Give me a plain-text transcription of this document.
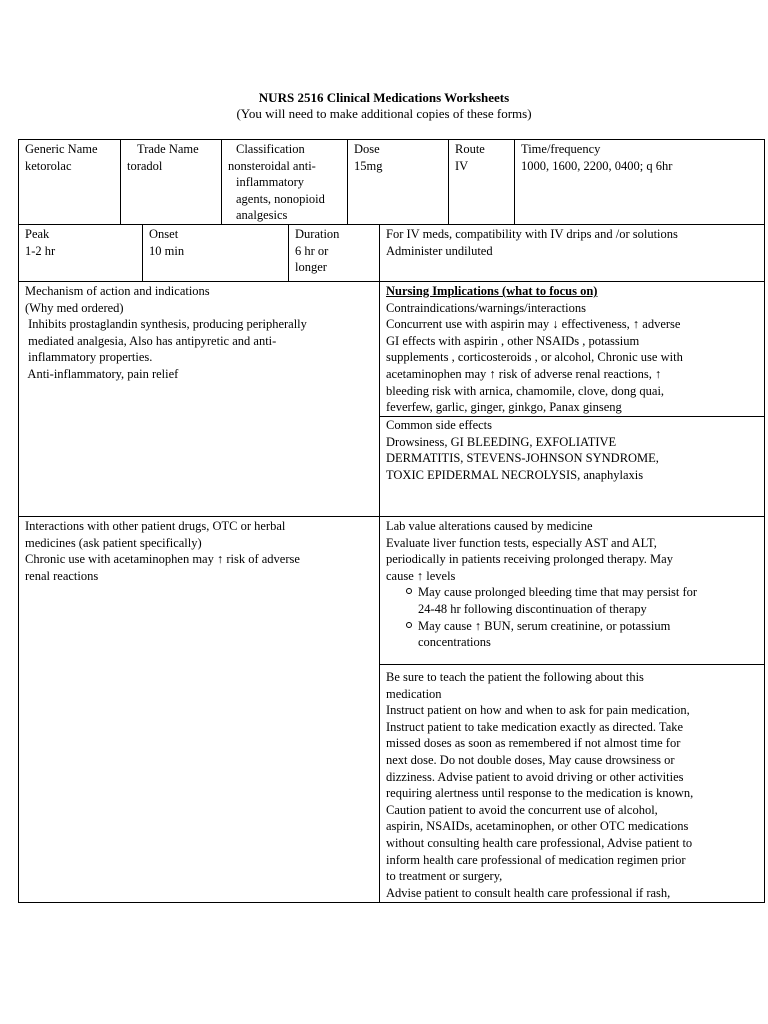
NURS 2516 Clinical Medications Worksheets
(You will need to make additional copies of these forms)
Generic Name
ketorolac
Trade Name
toradol
Classification
nonsteroidal anti-
inflammatory
agents, nonopioid
analgesics
Dose
15mg
Route
IV
Time/frequency
1000, 1600, 2200, 0400; q 6hr
Peak
1-2 hr
Onset
10 min
Duration
6 hr or
longer
For IV meds, compatibility with IV drips and /or solutions
Administer undiluted
Mechanism of action and indications
(Why med ordered)
Inhibits prostaglandin synthesis, producing peripherally
mediated analgesia, Also has antipyretic and anti-
inflammatory properties.
Anti-inflammatory, pain relief
Nursing Implications (what to focus on)
Contraindications/warnings/interactions
Concurrent use with aspirin may ↓ effectiveness, ↑ adverse
GI effects with aspirin , other NSAIDs , potassium
supplements , corticosteroids , or alcohol, Chronic use with
acetaminophen may ↑ risk of adverse renal reactions, ↑
bleeding risk with arnica, chamomile, clove, dong quai,
feverfew, garlic, ginger, ginkgo, Panax ginseng
Common side effects
Drowsiness, GI BLEEDING, EXFOLIATIVE
DERMATITIS, STEVENS-JOHNSON SYNDROME,
TOXIC EPIDERMAL NECROLYSIS, anaphylaxis
Interactions with other patient drugs, OTC or herbal
medicines (ask patient specifically)
Chronic use with acetaminophen may ↑ risk of adverse
renal reactions
Lab value alterations caused by medicine
Evaluate liver function tests, especially AST and ALT,
periodically in patients receiving prolonged therapy. May
cause ↑ levels
May cause prolonged bleeding time that may persist for
24-48 hr following discontinuation of therapy
May cause ↑ BUN, serum creatinine, or potassium
concentrations
Be sure to teach the patient the following about this
medication
Instruct patient on how and when to ask for pain medication,
Instruct patient to take medication exactly as directed. Take
missed doses as soon as remembered if not almost time for
next dose. Do not double doses, May cause drowsiness or
dizziness. Advise patient to avoid driving or other activities
requiring alertness until response to the medication is known,
Caution patient to avoid the concurrent use of alcohol,
aspirin, NSAIDs, acetaminophen, or other OTC medications
without consulting health care professional, Advise patient to
inform health care professional of medication regimen prior
to treatment or surgery,
Advise patient to consult health care professional if rash,
